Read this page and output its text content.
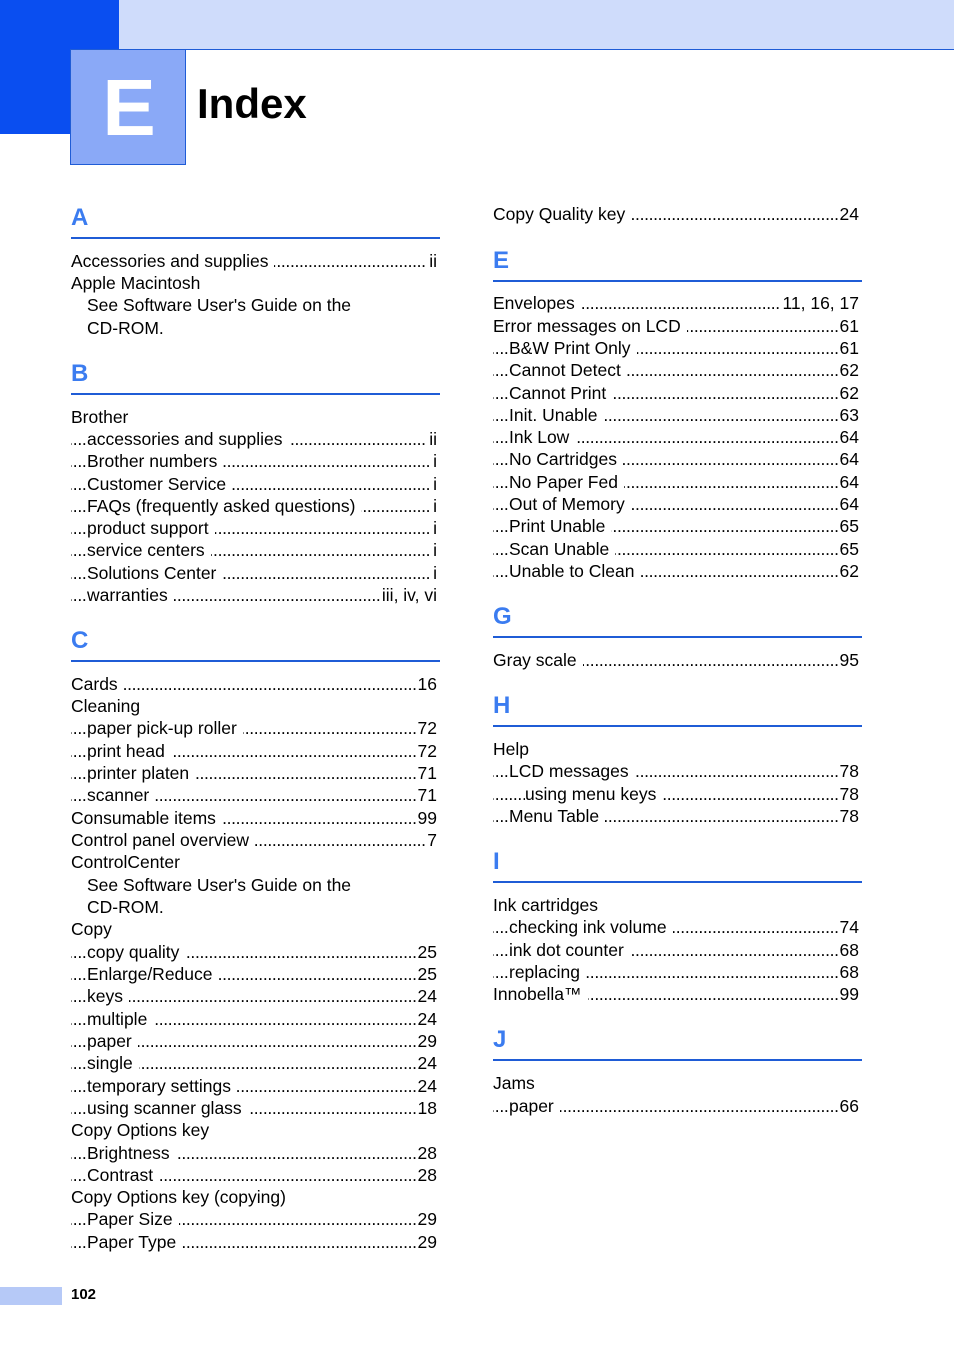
E Index
A
. . .
Accessories and supplies	ii
Apple Macintosh
See Software User's Guide on the
CD-ROM.
B
Brother
. . .
accessories and supplies	ii
. . .
Brother numbers	i
. . .
Customer Service	i
. . .
FAQs (frequently asked questions)	i
. . .
product support	i
. . .
service centers	i
. . .
Solutions Center	i
. . .
warranties	iii, iv, vi
C
. . .
Cards	16
Cleaning
. . .
paper pick-up roller	72
. . .
print head	72
. . .
printer platen	71
. . .
scanner	71
. . .
Consumable items	99
. . .
Control panel overview	7
ControlCenter
See Software User's Guide on the
CD-ROM.
Copy
. . .
copy quality	25
. . .
Enlarge/Reduce	25
. . .
keys	24
. . .
multiple	24
. . .
paper	29
. . .
single	24
. . .
temporary settings	24
. . .
using scanner glass	18
Copy Options key
. . .
Brightness	28
. . .
Contrast	28
Copy Options key (copying)
. . .
Paper Size	29
. . .
Paper Type	29
. . .
Copy Quality key	24
E
. . .
Envelopes	11, 16, 17
. . .
Error messages on LCD	61
. . .
B&W Print Only	61
. . .
Cannot Detect	62
. . .
Cannot Print	62
. . .
Init. Unable	63
. . .
Ink Low	64
. . .
No Cartridges	64
. . .
No Paper Fed	64
. . .
Out of Memory	64
. . .
Print Unable	65
. . .
Scan Unable	65
. . .
Unable to Clean	62
G
. . .
Gray scale	95
H
Help
. . .
LCD messages	78
. . .
using menu keys	78
. . .
Menu Table	78
I
Ink cartridges
. . .
checking ink volume	74
. . .
ink dot counter	68
. . .
replacing	68
. . .
Innobella™	99
J
Jams
. . .
paper	66
102
